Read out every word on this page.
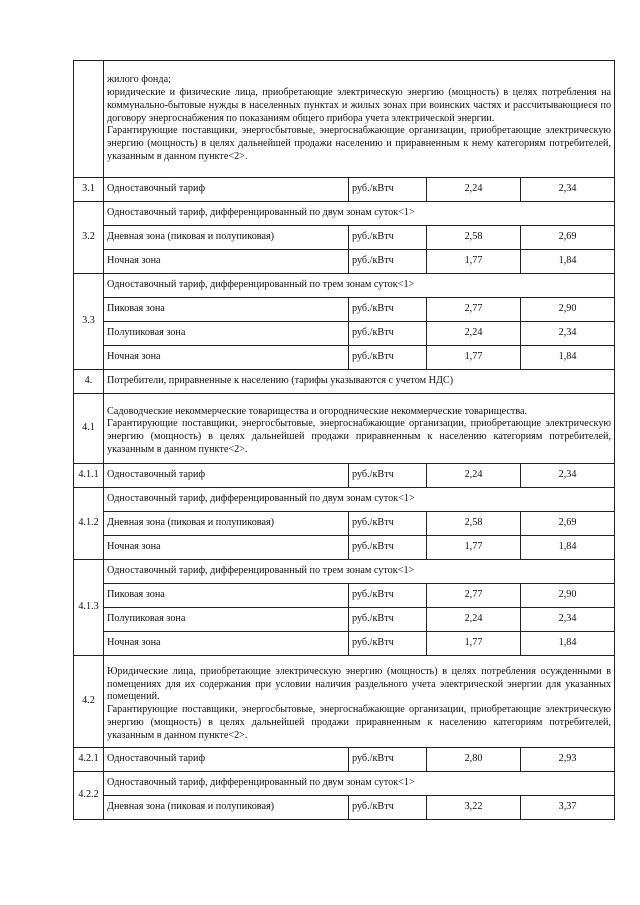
	жилого фонда;
юридические и физические лица, приобретающие электрическую энергию (мощность) в целях потребления на коммунально-бытовые нужды в населенных пунктах и жилых зонах при воинских частях и рассчитывающиеся по договору энергоснабжения по показаниям общего прибора учета электрической энергии.
Гарантирующие поставщики, энергосбытовые, энергоснабжающие организации, приобретающие электрическую энергию (мощность) в целях дальнейшей продажи населению и приравненным к нему категориям потребителей, указанным в данном пункте<2>.			

3.1	Одноставочный тариф	руб./кВтч	2,24	2,34
3.2	Одноставочный тариф, дифференцированный по двум зонам суток<1>			
	Дневная зона (пиковая и полупиковая)	руб./кВтч	2,58	2,69
	Ночная зона	руб./кВтч	1,77	1,84
3.3	Одноставочный тариф, дифференцированный по трем зонам суток<1>			
	Пиковая зона	руб./кВтч	2,77	2,90
	Полупиковая зона	руб./кВтч	2,24	2,34
	Ночная зона	руб./кВтч	1,77	1,84
4.	Потребители, приравненные к населению (тарифы указываются с учетом НДС)			
4.1	Садоводческие некоммерческие товарищества и огороднические некоммерческие товарищества.
Гарантирующие поставщики, энергосбытовые, энергоснабжающие организации, приобретающие электрическую энергию (мощность) в целях дальнейшей продажи приравненным к населению категориям потребителей, указанным в данном пункте<2>.			

4.1.1	Одноставочный тариф	руб./кВтч	2,24	2,34
4.1.2	Одноставочный тариф, дифференцированный по двум зонам суток<1>			
	Дневная зона (пиковая и полупиковая)	руб./кВтч	2,58	2,69
	Ночная зона	руб./кВтч	1,77	1,84
4.1.3	Одноставочный тариф, дифференцированный по трем зонам суток<1>			
	Пиковая зона	руб./кВтч	2,77	2,90
	Полупиковая зона	руб./кВтч	2,24	2,34
	Ночная зона	руб./кВтч	1,77	1,84
4.2	Юридические лица, приобретающие электрическую энергию (мощность) в целях потребления осужденными в помещениях для их содержания при условии наличия раздельного учета электрической энергии для указанных помещений.
Гарантирующие поставщики, энергосбытовые, энергоснабжающие организации, приобретающие электрическую энергию (мощность) в целях дальнейшей продажи приравненным к населению категориям потребителей, указанным в данном пункте<2>.			

4.2.1	Одноставочный тариф	руб./кВтч	2,80	2,93
4.2.2	Одноставочный тариф, дифференцированный по двум зонам суток<1>			
	Дневная зона (пиковая и полупиковая)	руб./кВтч	3,22	3,37
